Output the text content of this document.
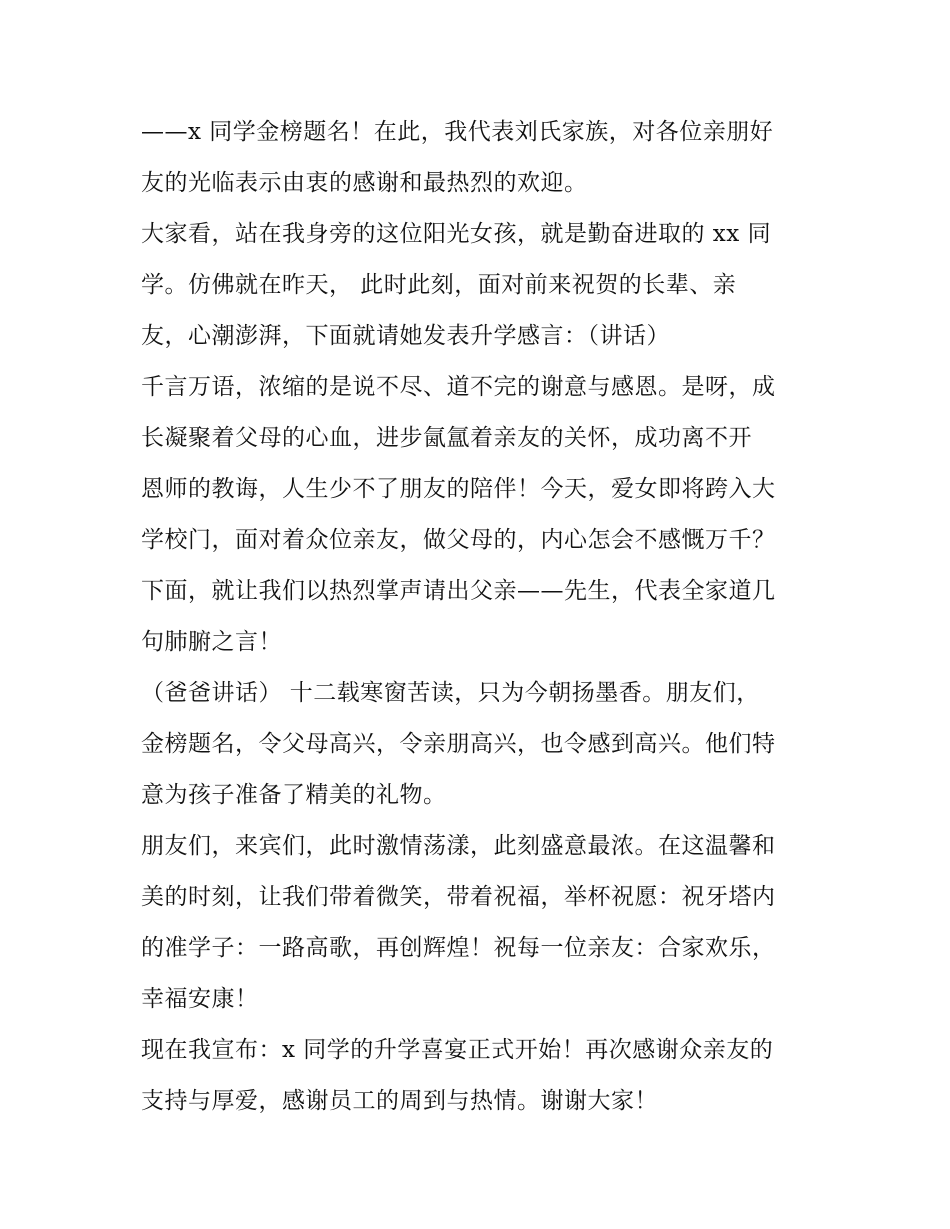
——x 同学金榜题名！在此，我代表刘氏家族，对各位亲朋好
友的光临表示由衷的感谢和最热烈的欢迎。
大家看，站在我身旁的这位阳光女孩，就是勤奋进取的 xx 同
学。仿佛就在昨天， 此时此刻，面对前来祝贺的长辈、亲
友，心潮澎湃，下面就请她发表升学感言：（讲话）
千言万语，浓缩的是说不尽、道不完的谢意与感恩。是呀，成
长凝聚着父母的心血，进步氤氲着亲友的关怀，成功离不开
恩师的教诲，人生少不了朋友的陪伴！今天，爱女即将跨入大
学校门，面对着众位亲友，做父母的，内心怎会不感慨万千？
下面，就让我们以热烈掌声请出父亲——先生，代表全家道几
句肺腑之言！
（爸爸讲话） 十二载寒窗苦读，只为今朝扬墨香。朋友们，
金榜题名，令父母高兴，令亲朋高兴，也令感到高兴。他们特
意为孩子准备了精美的礼物。
朋友们，来宾们，此时激情荡漾，此刻盛意最浓。在这温馨和
美的时刻，让我们带着微笑，带着祝福，举杯祝愿：祝牙塔内
的准学子：一路高歌，再创辉煌！祝每一位亲友：合家欢乐，
幸福安康！
现在我宣布：x 同学的升学喜宴正式开始！再次感谢众亲友的
支持与厚爱，感谢员工的周到与热情。谢谢大家！
